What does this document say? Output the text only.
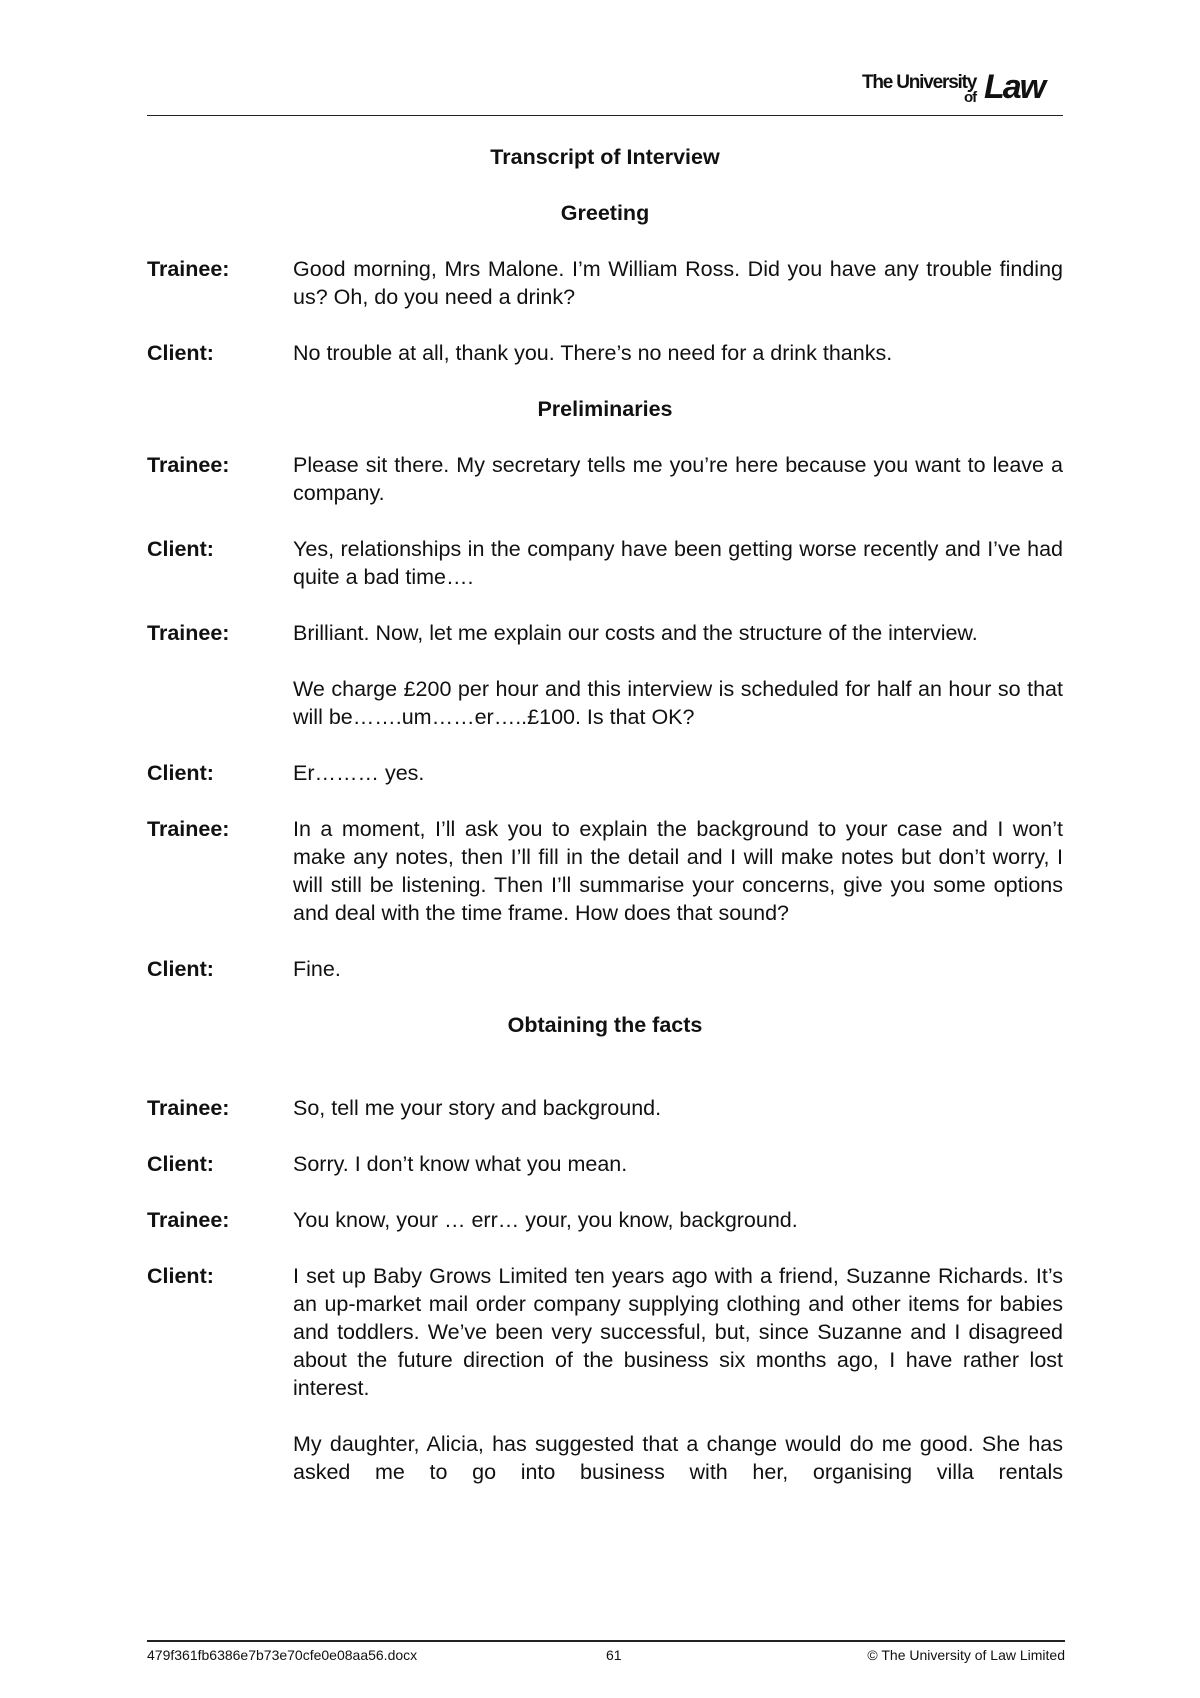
The University
of Law
Transcript of Interview
Greeting
Trainee:	Good morning, Mrs Malone. I’m William Ross. Did you have any trouble finding us? Oh, do you need a drink?

Client:	No trouble at all, thank you. There’s no need for a drink thanks.

Preliminaries
Trainee:	Please sit there. My secretary tells me you’re here because you want to leave a company.

Client:	Yes, relationships in the company have been getting worse recently and I’ve had quite a bad time….

Trainee:	Brilliant. Now, let me explain our costs and the structure of the interview.

We charge £200 per hour and this interview is scheduled for half an hour so that will be…….um……er…..£100. Is that OK?

Client:	Er……… yes.

Trainee:	In a moment, I’ll ask you to explain the background to your case and I won’t make any notes, then I’ll fill in the detail and I will make notes but don’t worry, I will still be listening. Then I’ll summarise your concerns, give you some options and deal with the time frame. How does that sound?

Client:	Fine.

Obtaining the facts
Trainee:	So, tell me your story and background.

Client:	Sorry. I don’t know what you mean.

Trainee:	You know, your … err… your, you know, background.

Client:	I set up Baby Grows Limited ten years ago with a friend, Suzanne Richards. It’s an up-market mail order company supplying clothing and other items for babies and toddlers. We’ve been very successful, but, since Suzanne and I disagreed about the future direction of the business six months ago, I have rather lost interest.

My daughter, Alicia, has suggested that a change would do me good. She has asked me to go into business with her, organising villa rentals

479f361fb6386e7b73e70cfe0e08aa56.docx	61	© The University of Law Limited
